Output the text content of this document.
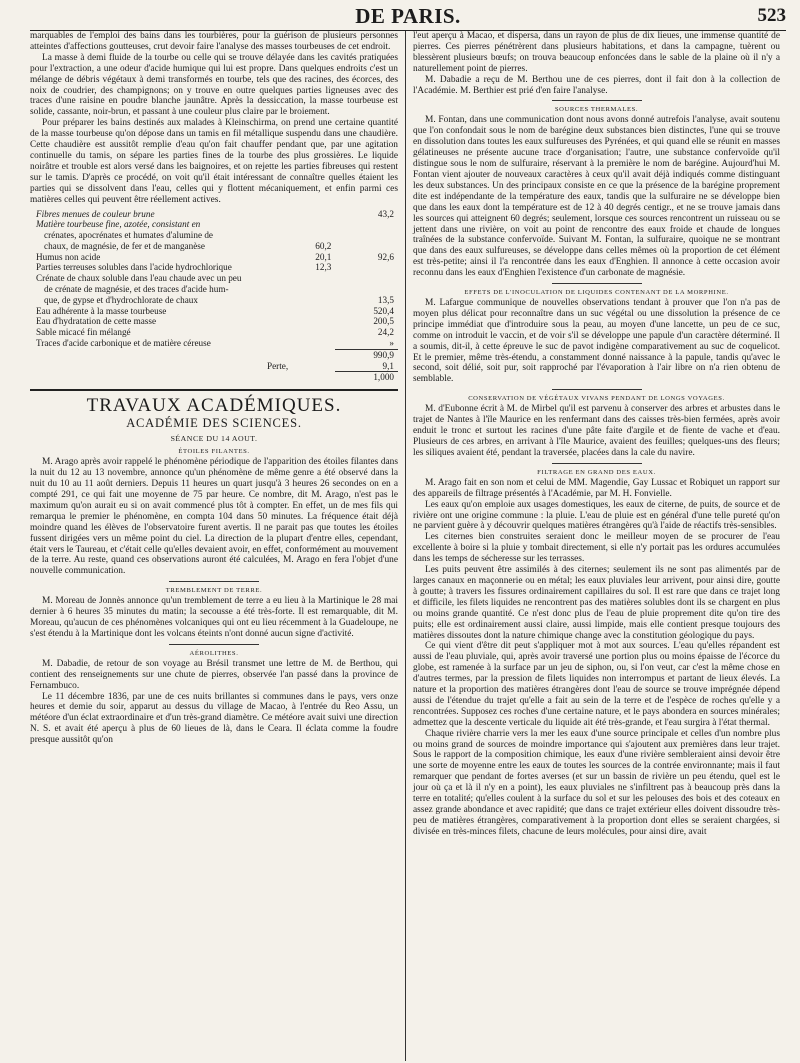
DE PARIS.	523

marquables de l'emploi des bains dans les tourbières, pour la guérison de plusieurs personnes atteintes d'affections goutteuses, crut devoir faire l'analyse des masses tourbeuses de cet endroit.

La masse à demi fluide de la tourbe ou celle qui se trouve délayée dans les cavités pratiquées pour l'extraction, a une odeur d'acide humique qui lui est propre. Dans quelques endroits c'est un mélange de débris végétaux à demi transformés en tourbe, tels que des racines, des écorces, des noix de coudrier, des champignons; on y trouve en outre quelques parties ligneuses avec des traces d'une raisine en poudre blanche jaunâtre. Après la dessiccation, la masse tourbeuse est solide, cassante, noir-brun, et passant à une couleur plus claire par le broiement.

Pour préparer les bains destinés aux malades à Kleinschirma, on prend une certaine quantité de la masse tourbeuse qu'on dépose dans un tamis en fil métallique suspendu dans une chaudière. Cette chaudière est aussitôt remplie d'eau qu'on fait chauffer pendant que, par une agitation continuelle du tamis, on sépare les parties fines de la tourbe des plus grossières. Le liquide noirâtre et trouble est alors versé dans les baignoires, et on rejette les parties fibreuses qui restent sur le tamis. D'après ce procédé, on voit qu'il était intéressant de connaître quelles étaient les parties qui se dissolvent dans l'eau, celles qui y flottent mécaniquement, et enfin parmi ces matières celles qui peuvent être réellement actives.

Fibres menues de couleur brune		43,2
Matière tourbeuse fine, azotée, consistant en		
crénates, apocrénates et humates d'alumine de		
chaux, de magnésie, de fer et de manganèse	60,2	
Humus non acide	20,1	92,6
Parties terreuses solubles dans l'acide hydrochlorique	12,3	
Crénate de chaux soluble dans l'eau chaude avec un peu		
de crénate de magnésie, et des traces d'acide hum-		
que, de gypse et d'hydrochlorate de chaux		13,5
Eau adhérente à la masse tourbeuse		520,4
Eau d'hydratation de cette masse		200,5
Sable micacé fin mélangé		24,2
Traces d'acide carbonique et de matière céreuse		»
		990,9
Perte,		9,1
		1,000
TRAVAUX ACADÉMIQUES.
ACADÉMIE DES SCIENCES.
SÉANCE DU 14 AOUT.
ÉTOILES FILANTES.

M. Arago après avoir rappelé le phénomène périodique de l'apparition des étoiles filantes dans la nuit du 12 au 13 novembre, annonce qu'un phénomène de même genre a été observé dans la nuit du 10 au 11 août derniers. Depuis 11 heures un quart jusqu'à 3 heures 26 secondes on en a compté 291, ce qui fait une moyenne de 75 par heure. Ce nombre, dit M. Arago, n'est pas le maximum qu'on aurait eu si on avait commencé plus tôt à compter. En effet, un de mes fils qui remarqua le premier le phénomène, en compta 104 dans 50 minutes. La fréquence était déjà moindre quand les élèves de l'observatoire furent avertis. Il ne parait pas que toutes les étoiles fussent dirigées vers un même point du ciel. La direction de la plupart d'entre elles, cependant, était vers le Taureau, et c'était celle qu'elles devaient avoir, en effet, conformément au mouvement de la terre. Au reste, quand ces observations auront été calculées, M. Arago en fera l'objet d'une nouvelle communication.

TREMBLEMENT DE TERRE.

M. Moreau de Jonnès annonce qu'un tremblement de terre a eu lieu à la Martinique le 28 mai dernier à 6 heures 35 minutes du matin; la secousse a été très-forte. Il est remarquable, dit M. Moreau, qu'aucun de ces phénomènes volcaniques qui ont eu lieu récemment à la Guadeloupe, ne s'est étendu à la Martinique dont les volcans éteints n'ont donné aucun signe d'activité.

AÉROLITHES.

M. Dabadie, de retour de son voyage au Brésil transmet une lettre de M. de Berthou, qui contient des renseignements sur une chute de pierres, observée l'an passé dans la province de Fernambuco.

Le 11 décembre 1836, par une de ces nuits brillantes si communes dans le pays, vers onze heures et demie du soir, apparut au dessus du village de Macao, à l'entrée du Reo Assu, un météore d'un éclat extraordinaire et d'un très-grand diamètre. Ce météore avait suivi une direction N. S. et avait été aperçu à plus de 60 lieues de là, dans le Ceara. Il éclata comme la foudre presque aussitôt qu'on

l'eut aperçu à Macao, et dispersa, dans un rayon de plus de dix lieues, une immense quantité de pierres. Ces pierres pénétrèrent dans plusieurs habitations, et dans la campagne, tuèrent ou blessèrent plusieurs bœufs; on trouva beaucoup enfoncées dans le sable de la plaine où il n'y a naturellement point de pierres.

M. Dabadie a reçu de M. Berthou une de ces pierres, dont il fait don à la collection de l'Académie. M. Berthier est prié d'en faire l'analyse.

SOURCES THERMALES.

M. Fontan, dans une communication dont nous avons donné autrefois l'analyse, avait soutenu que l'on confondait sous le nom de barégine deux substances bien distinctes, l'une qui se trouve en dissolution dans toutes les eaux sulfureuses des Pyrénées, et qui quand elle se réunit en masses gélatineuses ne présente aucune trace d'organisation; l'autre, une substance confervoïde qu'il distingue sous le nom de sulfuraire, réservant à la première le nom de barégine. Aujourd'hui M. Fontan vient ajouter de nouveaux caractères à ceux qu'il avait déjà indiqués comme distinguant les deux substances. Un des principaux consiste en ce que la présence de la barégine proprement dite est indépendante de la température des eaux, tandis que la sulfuraire ne se développe bien que dans les eaux dont la température est de 12 à 40 degrés centigr., et ne se trouve jamais dans les sources qui atteignent 60 degrés; seulement, lorsque ces sources rencontrent un ruisseau ou se jettent dans une rivière, on voit au point de rencontre des eaux froide et chaude de longues traînées de la substance confervoïde. Suivant M. Fontan, la sulfuraire, quoique ne se montrant que dans des eaux sulfureuses, se développe dans celles mêmes où la proportion de cet élément est très-petite; ainsi il l'a rencontrée dans les eaux d'Enghien. Il annonce à cette occasion avoir reconnu dans les eaux d'Enghien l'existence d'un carbonate de magnésie.

EFFETS DE L'INOCULATION DE LIQUIDES CONTENANT DE LA MORPHINE.

M. Lafargue communique de nouvelles observations tendant à prouver que l'on n'a pas de moyen plus délicat pour reconnaître dans un suc végétal ou une dissolution la présence de ce principe immédiat que d'introduire sous la peau, au moyen d'une lancette, un peu de ce suc, comme on introduit le vaccin, et de voir s'il se développe une papule d'un caractère déterminé. Il a soumis, dit-il, à cette épreuve le suc de pavot indigène comparativement au suc de coquelicot. Et le premier, même très-étendu, a constamment donné naissance à la papule, tandis qu'avec le second, soit délié, soit pur, soit rapproché par l'évaporation à l'air libre on n'a rien obtenu de semblable.

CONSERVATION DE VÉGÉTAUX VIVANS PENDANT DE LONGS VOYAGES.

M. d'Eubonne écrit à M. de Mirbel qu'il est parvenu à conserver des arbres et arbustes dans le trajet de Nantes à l'île Maurice en les renfermant dans des caisses très-bien fermées, après avoir enduit le tronc et surtout les racines d'une pâte faite d'argile et de fiente de vache et d'eau. Plusieurs de ces arbres, en arrivant à l'île Maurice, avaient des feuilles; quelques-uns des fleurs; les siliques avaient été, pendant la traversée, placées dans la cale du navire.

FILTRAGE EN GRAND DES EAUX.

M. Arago fait en son nom et celui de MM. Magendie, Gay Lussac et Robiquet un rapport sur des appareils de filtrage présentés à l'Académie, par M. H. Fonvielle.

Les eaux qu'on emploie aux usages domestiques, les eaux de citerne, de puits, de source et de rivière ont une origine commune : la pluie. L'eau de pluie est en général d'une telle pureté qu'on ne parvient guère à y découvrir quelques matières étrangères qu'à l'aide de réactifs très-sensibles.

Les citernes bien construites seraient donc le meilleur moyen de se procurer de l'eau excellente à boire si la pluie y tombait directement, si elle n'y portait pas les ordures accumulées dans les temps de sécheresse sur les terrasses.

Les puits peuvent être assimilés à des citernes; seulement ils ne sont pas alimentés par de larges canaux en maçonnerie ou en métal; les eaux pluviales leur arrivent, pour ainsi dire, goutte à goutte; à travers les fissures ordinairement capillaires du sol. Il est rare que dans ce trajet long et difficile, les filets liquides ne rencontrent pas des matières solubles dont ils se chargent en plus ou moins grande quantité. Ce n'est donc plus de l'eau de pluie proprement dite qu'on tire des puits; elle est ordinairement aussi claire, aussi limpide, mais elle contient presque toujours des matières dissoutes dont la nature chimique change avec la constitution géologique du pays.

Ce qui vient d'être dit peut s'appliquer mot à mot aux sources. L'eau qu'elles répandent est aussi de l'eau pluviale, qui, après avoir traversé une portion plus ou moins épaisse de l'écorce du globe, est ramenée à la surface par un jeu de siphon, ou, si l'on veut, car c'est la même chose en d'autres termes, par la pression de filets liquides non interrompus et partant de lieux élevés. La nature et la proportion des matières étrangères dont l'eau de source se trouve imprégnée dépend aussi de l'étendue du trajet qu'elle a fait au sein de la terre et de l'espèce de roches qu'elle y a rencontrées. Supposez ces roches d'une certaine nature, et le pays abondera en sources minérales; admettez que la descente verticale du liquide ait été très-grande, et l'eau surgira à l'état thermal.

Chaque rivière charrie vers la mer les eaux d'une source principale et celles d'un nombre plus ou moins grand de sources de moindre importance qui s'ajoutent aux premières dans leur trajet. Sous le rapport de la composition chimique, les eaux d'une rivière sembleraient ainsi devoir être une sorte de moyenne entre les eaux de toutes les sources de la contrée environnante; mais il faut remarquer que pendant de fortes averses (et sur un bassin de rivière un peu étendu, quel est le jour où ça et là il n'y en a point), les eaux pluviales ne s'infiltrent pas à beaucoup près dans la terre en totalité; qu'elles coulent à la surface du sol et sur les pelouses des bois et des coteaux en assez grande abondance et avec rapidité; que dans ce trajet extérieur elles doivent dissoudre très-peu de matières étrangères, comparativement à la proportion dont elles se seraient chargées, si divisée en très-minces filets, chacune de leurs molécules, pour ainsi dire, avait
